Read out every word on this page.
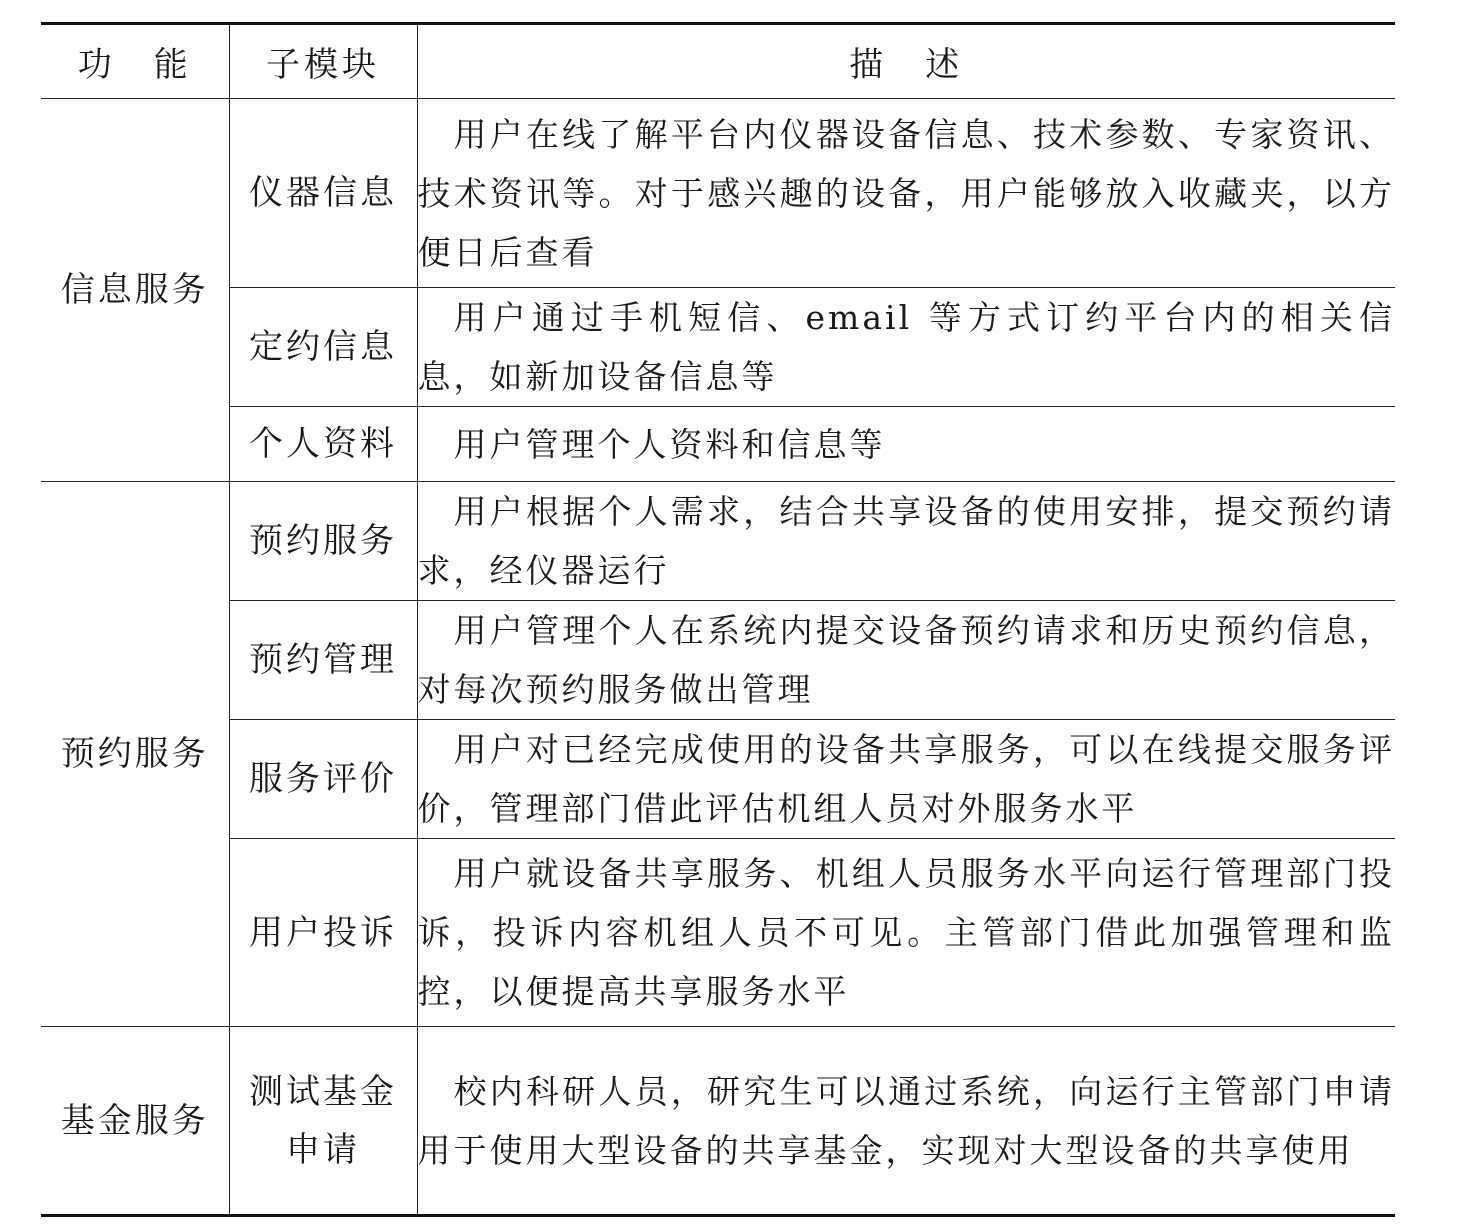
功　能	子模块	描　述
信息服务	仪器信息	用户在线了解平台内仪器设备信息、技术参数、专家资讯、技术资讯等。对于感兴趣的设备，用户能够放入收藏夹，以方便日后查看

	定约信息	用户通过手机短信、email 等方式订约平台内的相关信息，如新加设备信息等

	个人资料	用户管理个人资料和信息等

预约服务	预约服务	用户根据个人需求，结合共享设备的使用安排，提交预约请求，经仪器运行

	预约管理	用户管理个人在系统内提交设备预约请求和历史预约信息，对每次预约服务做出管理

	服务评价	用户对已经完成使用的设备共享服务，可以在线提交服务评价，管理部门借此评估机组人员对外服务水平

	用户投诉	用户就设备共享服务、机组人员服务水平向运行管理部门投诉，投诉内容机组人员不可见。主管部门借此加强管理和监控，以便提高共享服务水平

基金服务	测试基金申请	校内科研人员，研究生可以通过系统，向运行主管部门申请用于使用大型设备的共享基金，实现对大型设备的共享使用
